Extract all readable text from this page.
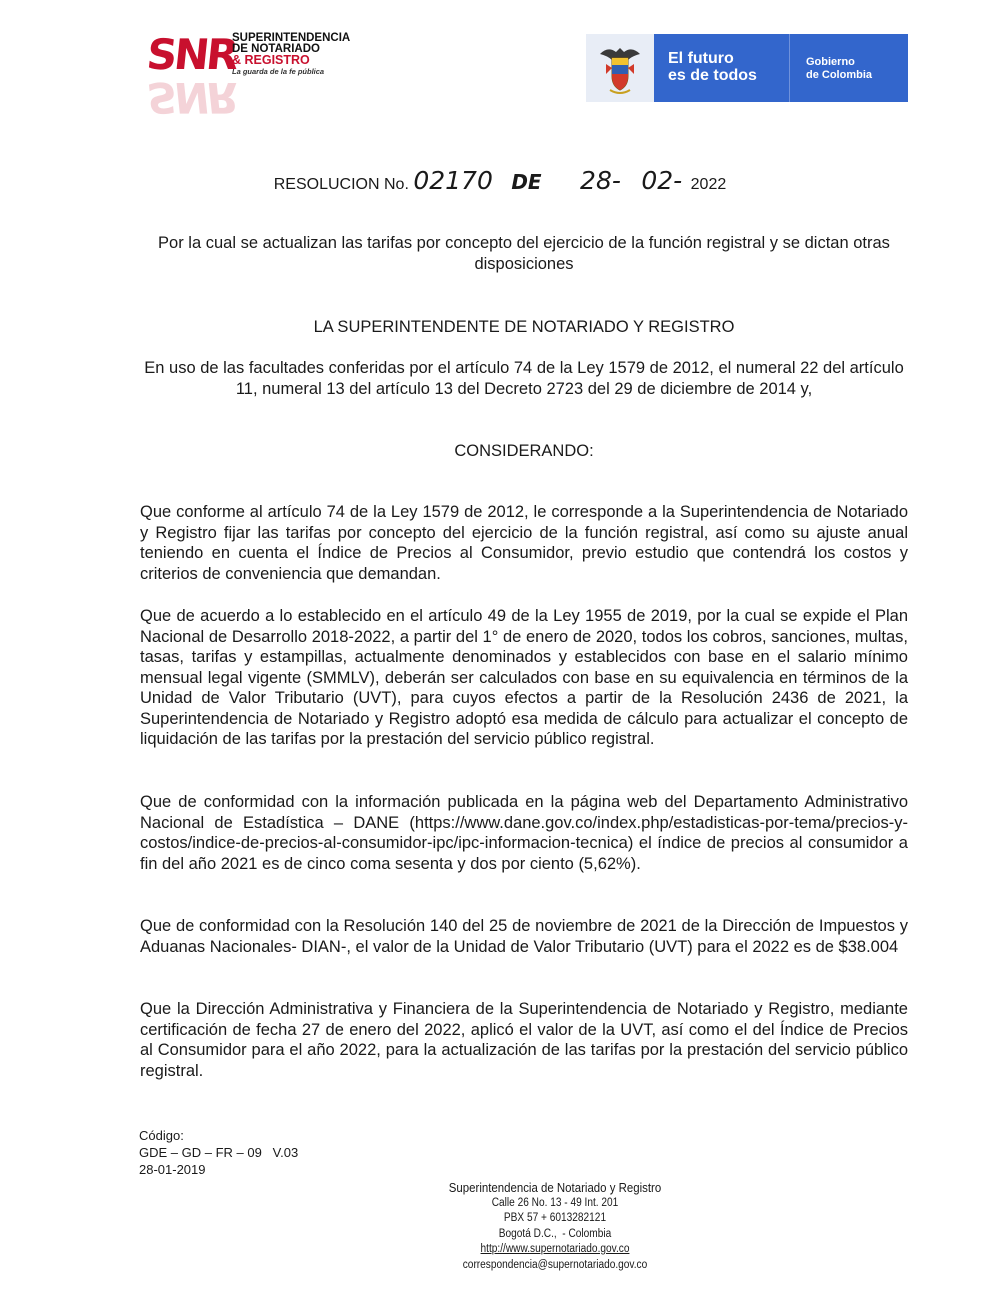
SNR
SNR
SUPERINTENDENCIA
DE NOTARIADO
& REGISTRO
La guarda de la fe pública
El futuro
es de todos
Gobierno
de Colombia
RESOLUCION No. 02170 DE 28- 02- 2022
Por la cual se actualizan las tarifas por concepto del ejercicio de la función registral y se dictan otras disposiciones
LA SUPERINTENDENTE DE NOTARIADO Y REGISTRO
En uso de las facultades conferidas por el artículo 74 de la Ley 1579 de 2012, el numeral 22 del artículo 11, numeral 13 del artículo 13 del Decreto 2723 del 29 de diciembre de 2014 y,
CONSIDERANDO:
Que conforme al artículo 74 de la Ley 1579 de 2012, le corresponde a la Superintendencia de Notariado y Registro fijar las tarifas por concepto del ejercicio de la función registral, así como su ajuste anual teniendo en cuenta el Índice de Precios al Consumidor, previo estudio que contendrá los costos y criterios de conveniencia que demandan.
Que de acuerdo a lo establecido en el artículo 49 de la Ley 1955 de 2019, por la cual se expide el Plan Nacional de Desarrollo 2018-2022, a partir del 1° de enero de 2020, todos los cobros, sanciones, multas, tasas, tarifas y estampillas, actualmente denominados y establecidos con base en el salario mínimo mensual legal vigente (SMMLV), deberán ser calculados con base en su equivalencia en términos de la Unidad de Valor Tributario (UVT), para cuyos efectos a partir de la Resolución 2436 de 2021, la Superintendencia de Notariado y Registro adoptó esa medida de cálculo para actualizar el concepto de liquidación de las tarifas por la prestación del servicio público registral.
Que de conformidad con la información publicada en la página web del Departamento Administrativo Nacional de Estadística – DANE (https://www.dane.gov.co/index.php/estadisticas-por-tema/precios-y-costos/indice-de-precios-al-consumidor-ipc/ipc-informacion-tecnica) el índice de precios al consumidor a fin del año 2021 es de cinco coma sesenta y dos por ciento (5,62%).
Que de conformidad con la Resolución 140 del 25 de noviembre de 2021 de la Dirección de Impuestos y Aduanas Nacionales- DIAN-, el valor de la Unidad de Valor Tributario (UVT) para el 2022 es de $38.004
Que la Dirección Administrativa y Financiera de la Superintendencia de Notariado y Registro, mediante certificación de fecha 27 de enero del 2022, aplicó el valor de la UVT, así como el del Índice de Precios al Consumidor para el año 2022, para la actualización de las tarifas por la prestación del servicio público registral.
Código:
GDE – GD – FR – 09   V.03
28-01-2019
Superintendencia de Notariado y Registro
Calle 26 No. 13 - 49 Int. 201
PBX 57 + 6013282121
Bogotá D.C.,  - Colombia
http://www.supernotariado.gov.co
correspondencia@supernotariado.gov.co
